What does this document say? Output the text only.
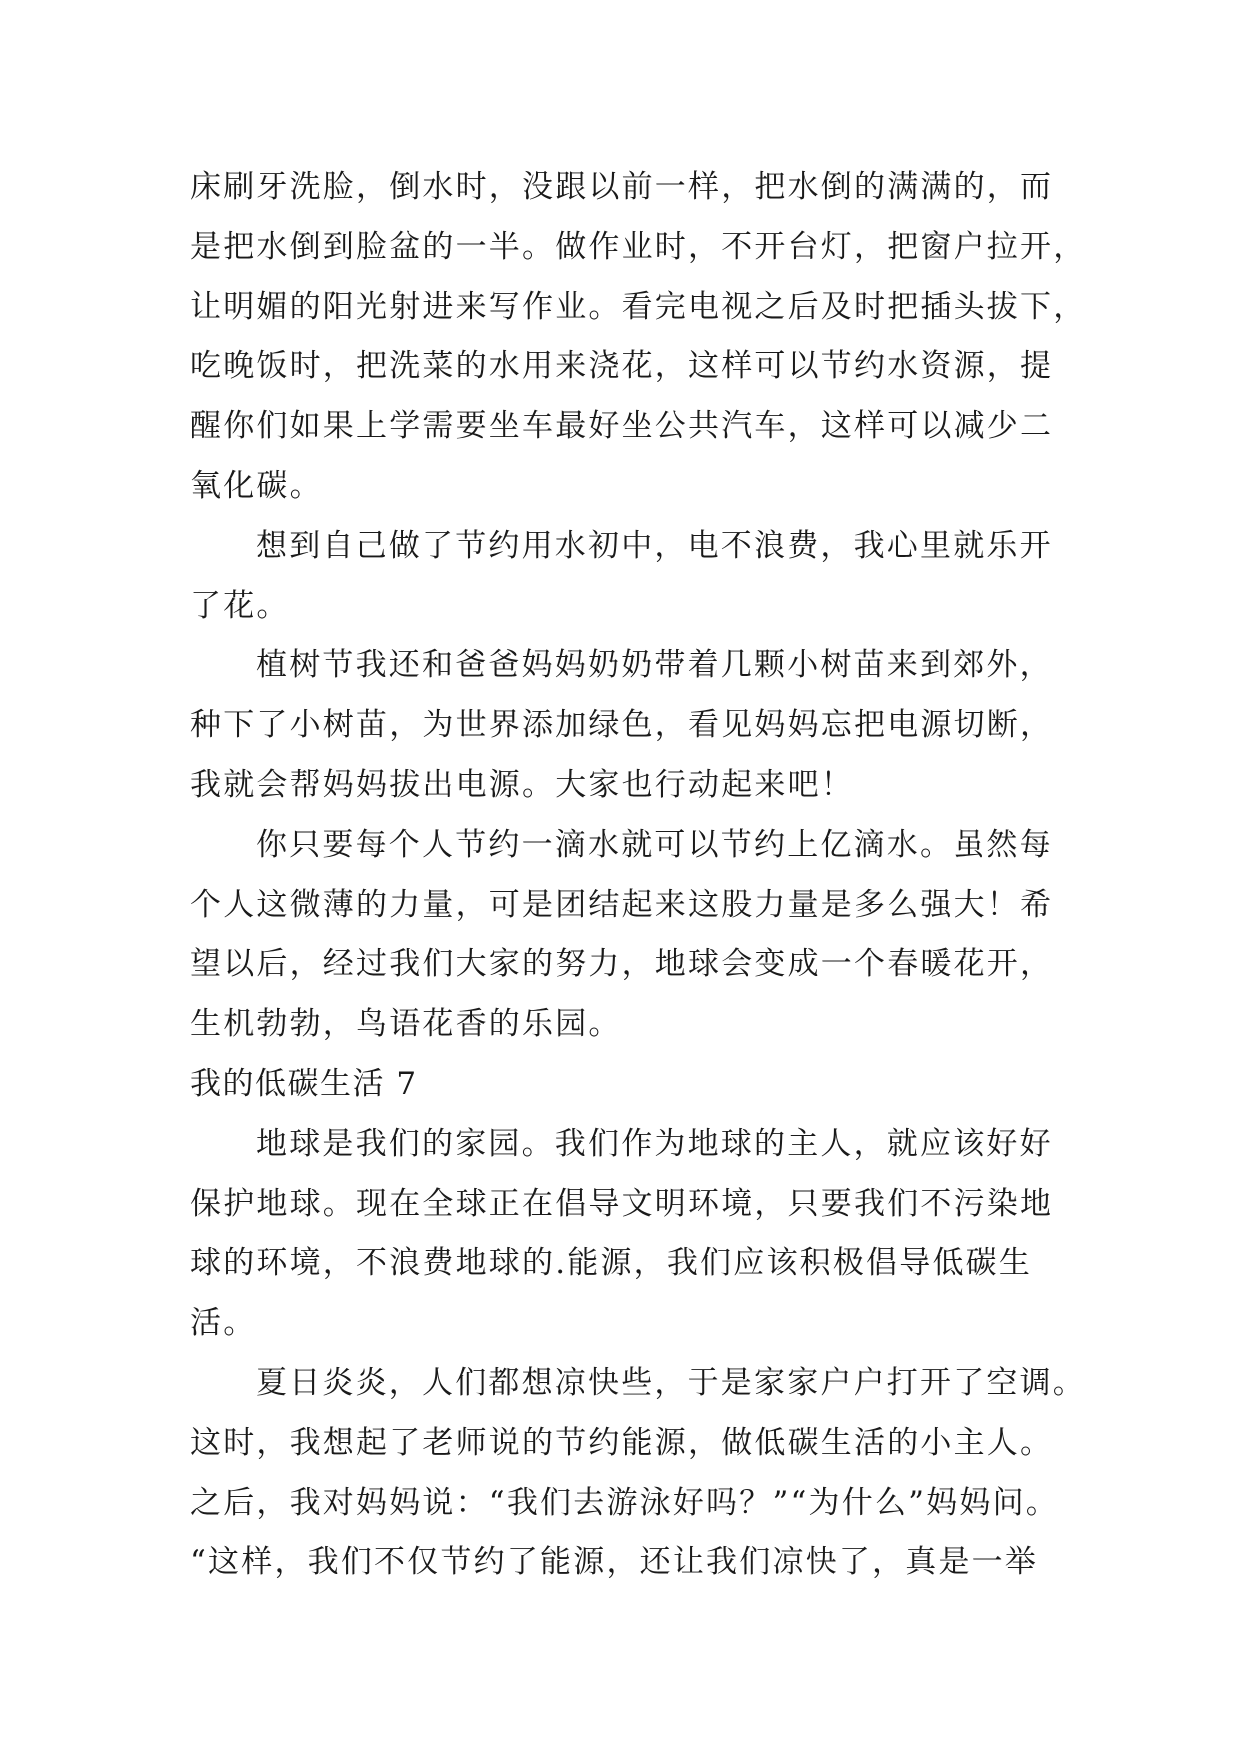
床刷牙洗脸，倒水时，没跟以前一样，把水倒的满满的，而
是把水倒到脸盆的一半。做作业时，不开台灯，把窗户拉开，
让明媚的阳光射进来写作业。看完电视之后及时把插头拔下，
吃晚饭时，把洗菜的水用来浇花，这样可以节约水资源，提
醒你们如果上学需要坐车最好坐公共汽车，这样可以减少二
氧化碳。
想到自己做了节约用水初中，电不浪费，我心里就乐开
了花。
植树节我还和爸爸妈妈奶奶带着几颗小树苗来到郊外，
种下了小树苗，为世界添加绿色，看见妈妈忘把电源切断，
我就会帮妈妈拔出电源。大家也行动起来吧！
你只要每个人节约一滴水就可以节约上亿滴水。虽然每
个人这微薄的力量，可是团结起来这股力量是多么强大！希
望以后，经过我们大家的努力，地球会变成一个春暖花开，
生机勃勃，鸟语花香的乐园。
我的低碳生活 7
地球是我们的家园。我们作为地球的主人，就应该好好
保护地球。现在全球正在倡导文明环境，只要我们不污染地
球的环境，不浪费地球的.能源，我们应该积极倡导低碳生
活。
夏日炎炎，人们都想凉快些，于是家家户户打开了空调。
这时，我想起了老师说的节约能源，做低碳生活的小主人。
之后，我对妈妈说：“我们去游泳好吗？”“为什么”妈妈问。
“这样，我们不仅节约了能源，还让我们凉快了，真是一举
